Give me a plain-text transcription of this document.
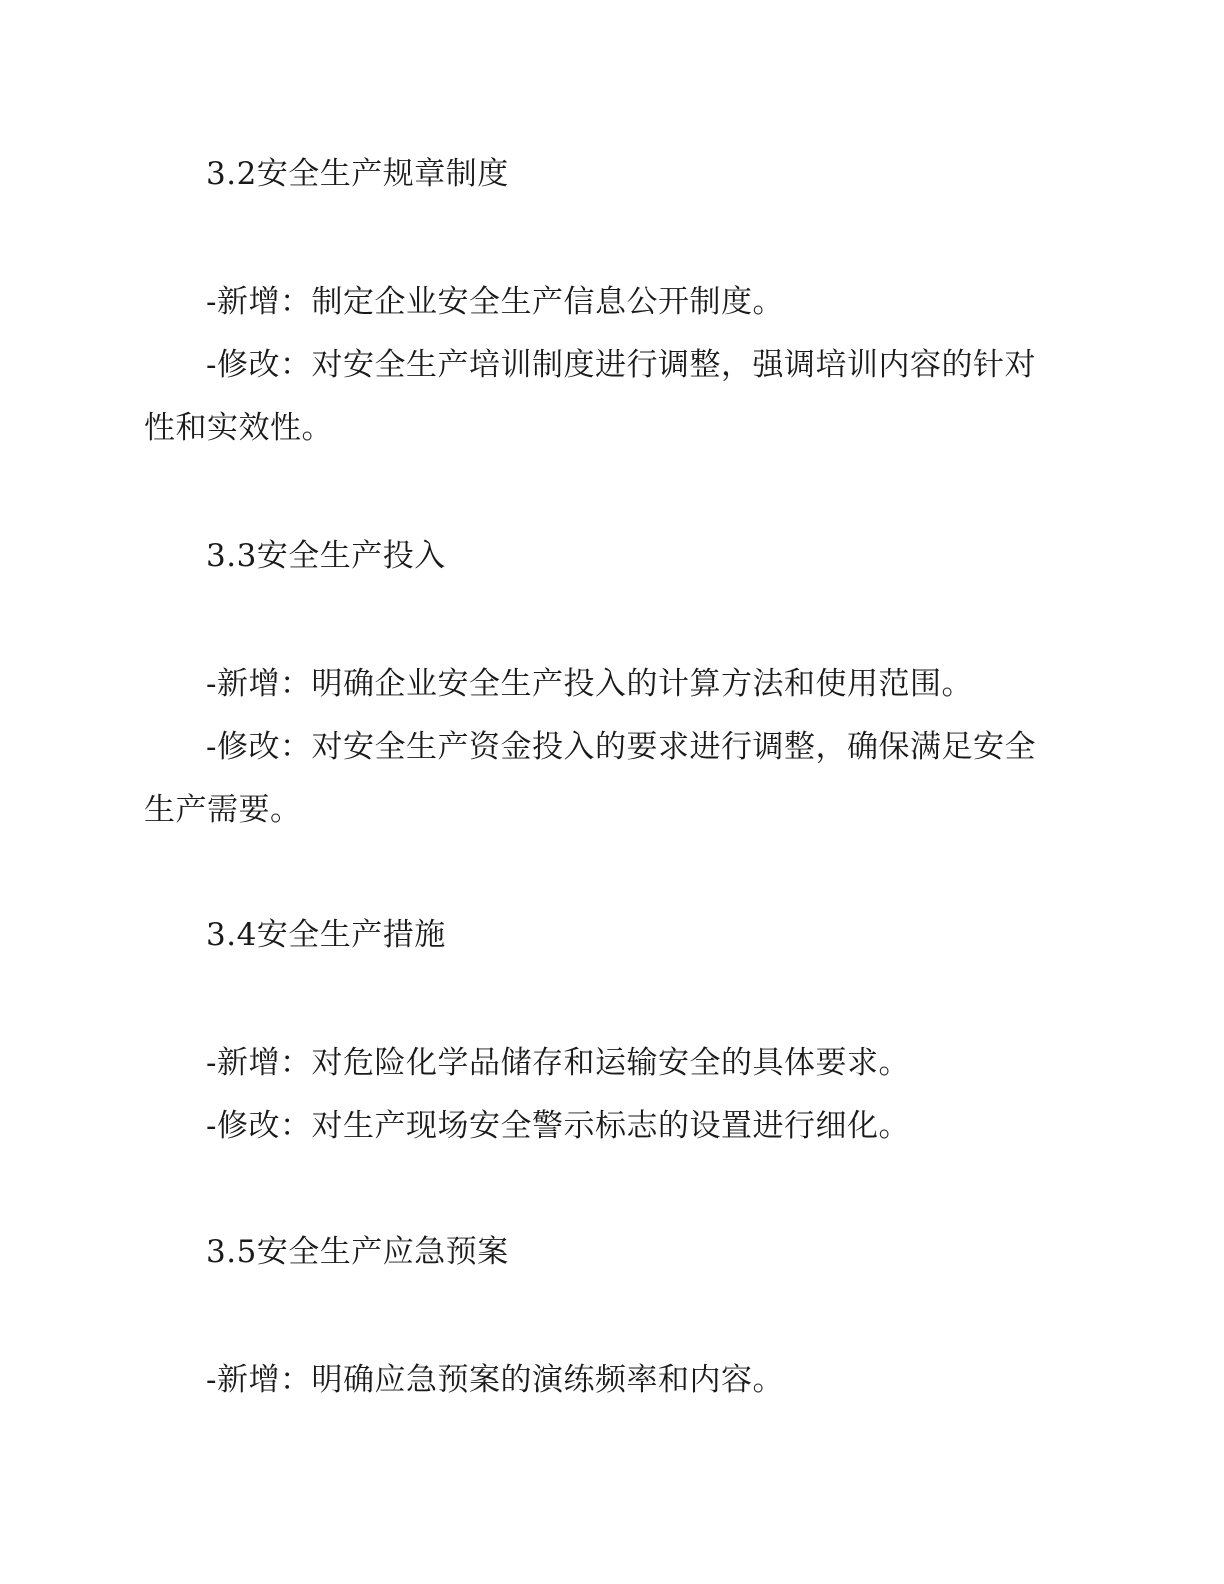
3.2安全生产规章制度
-新增：制定企业安全生产信息公开制度。
-修改：对安全生产培训制度进行调整，强调培训内容的针对
性和实效性。
3.3安全生产投入
-新增：明确企业安全生产投入的计算方法和使用范围。
-修改：对安全生产资金投入的要求进行调整，确保满足安全
生产需要。
3.4安全生产措施
-新增：对危险化学品储存和运输安全的具体要求。
-修改：对生产现场安全警示标志的设置进行细化。
3.5安全生产应急预案
-新增：明确应急预案的演练频率和内容。
